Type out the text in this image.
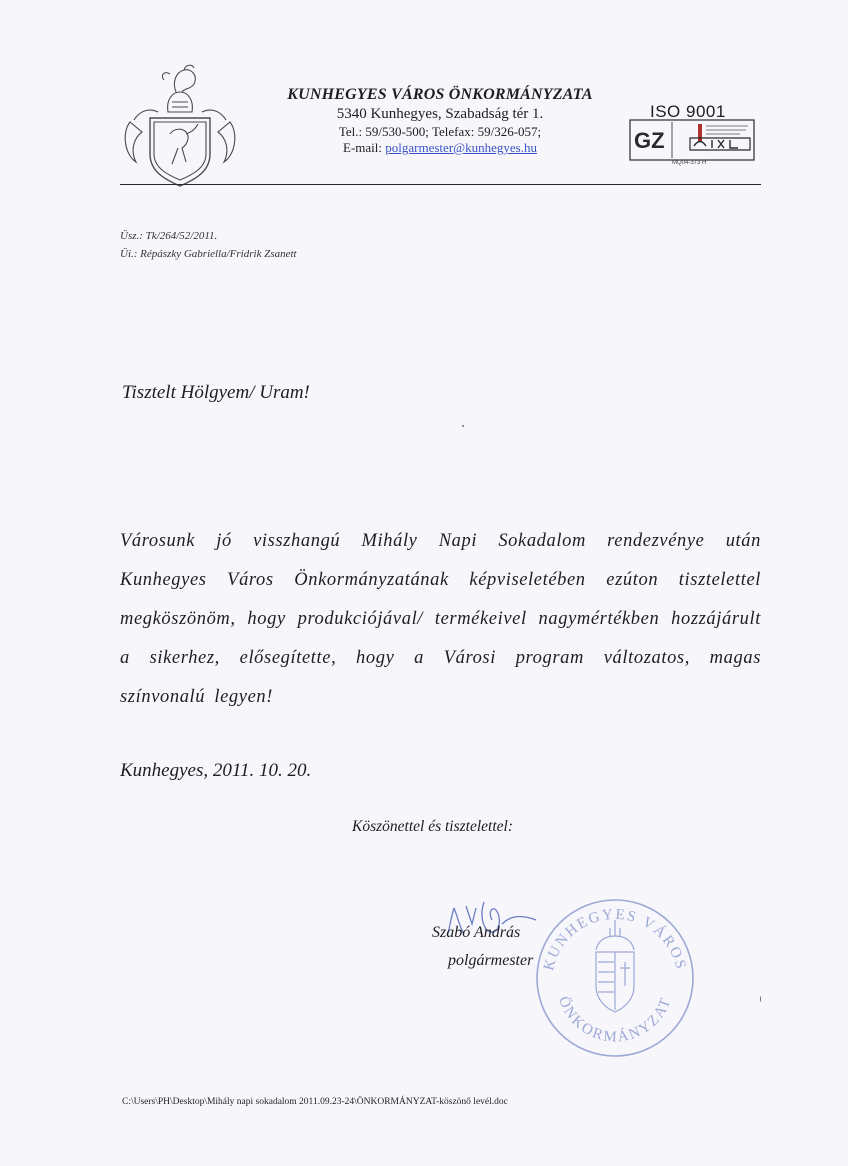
KUNHEGYES VÁROS ÖNKORMÁNYZATA
5340 Kunhegyes, Szabadság tér 1.
Tel.: 59/530-500; Telefax: 59/326-057;
E-mail: polgarmester@kunhegyes.hu
ISO 9001
GZ
MQ04-373 H
Üsz.: Tk/264/52/2011.
Üi.: Répászky Gabriella/Fridrik Zsanett
Tisztelt Hölgyem/ Uram!
Városunk jó visszhangú Mihály Napi Sokadalom rendezvénye után Kunhegyes Város Önkormányzatának képviseletében ezúton tisztelettel megköszönöm, hogy produkciójával/ termékeivel nagymértékben hozzájárult a sikerhez, elősegítette, hogy a Városi program változatos, magas színvonalú legyen!
Kunhegyes, 2011. 10. 20.
Köszönettel és tisztelettel:
KUNHEGYES VÁROS
ÖNKORMÁNYZAT
Szabó András
polgármester
C:\Users\PH\Desktop\Mihály napi sokadalom 2011.09.23-24\ÖNKORMÁNYZAT-köszönő levél.doc
